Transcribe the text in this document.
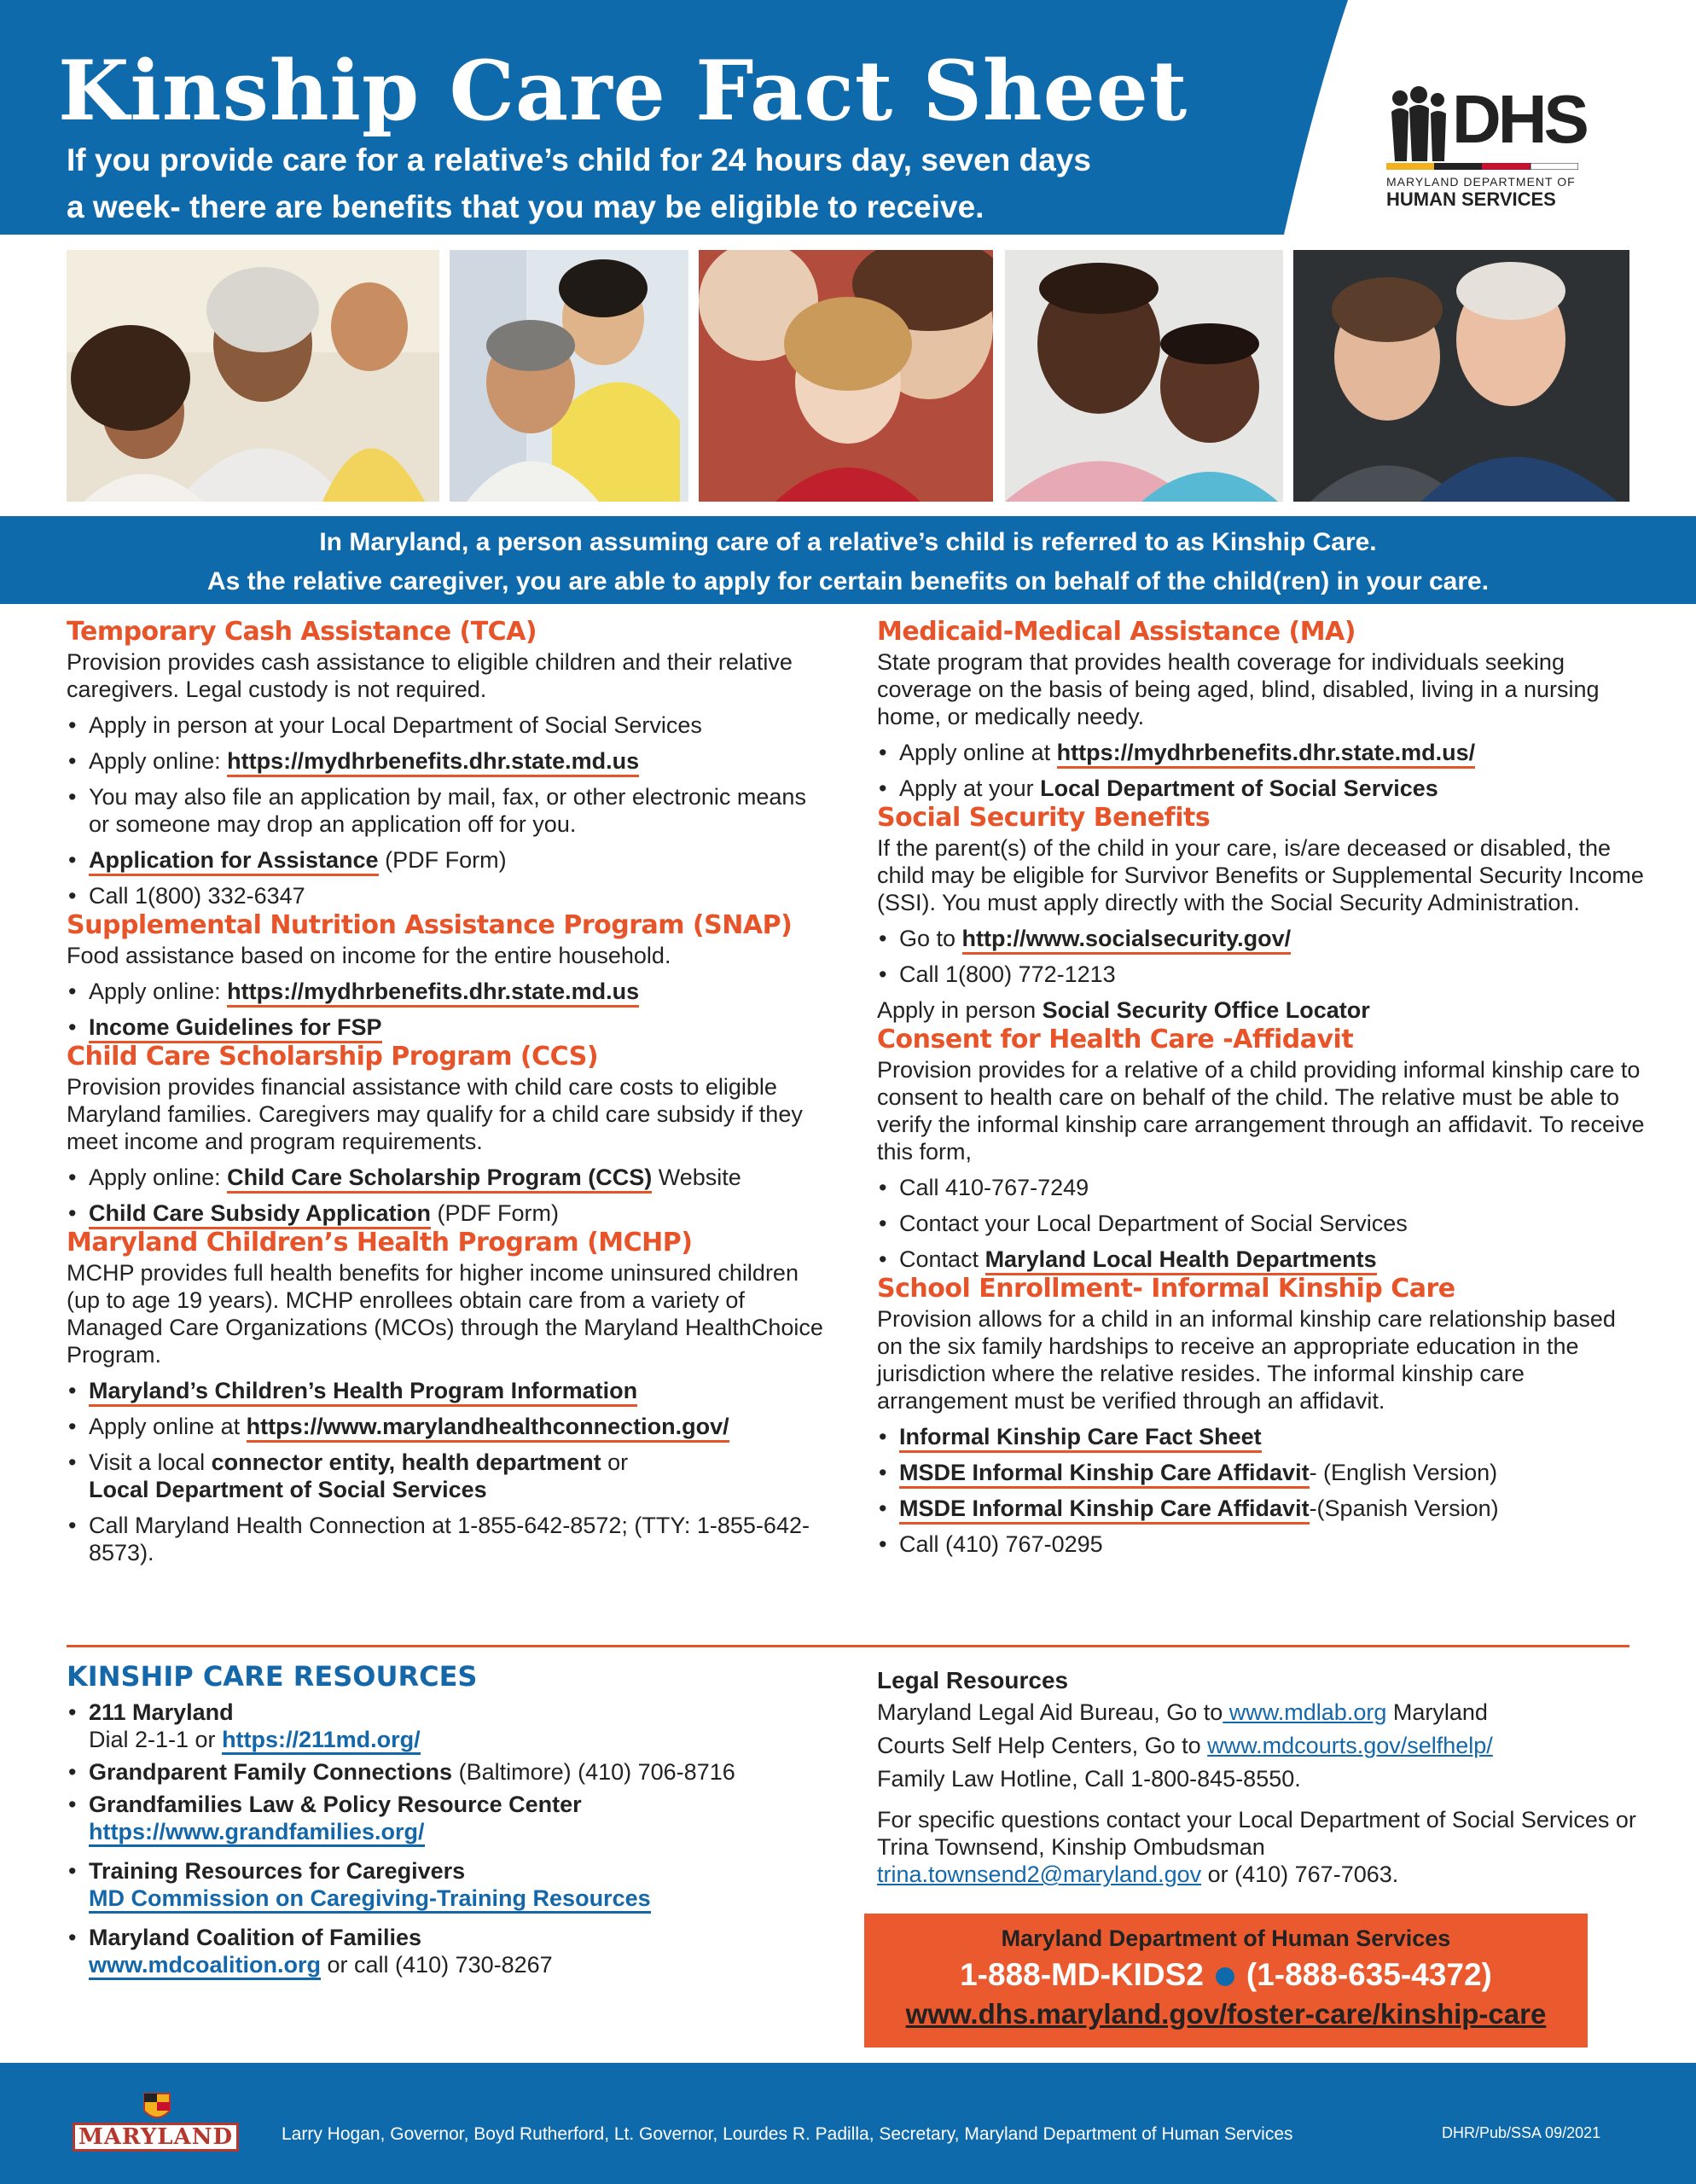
Kinship Care Fact Sheet
If you provide care for a relative’s child for 24 hours day, seven days
a week- there are benefits that you may be eligible to receive.
DHS
MARYLAND DEPARTMENT OF
HUMAN SERVICES
In Maryland, a person assuming care of a relative’s child is referred to as Kinship Care.
As the relative caregiver, you are able to apply for certain benefits on behalf of the child(ren) in your care.
Temporary Cash Assistance (TCA)
Provision provides cash assistance to eligible children and their relative caregivers. Legal custody is not required.
• Apply in person at your Local Department of Social Services
• Apply online: https://mydhrbenefits.dhr.state.md.us
• You may also file an application by mail, fax, or other electronic means or someone may drop an application off for you.
• Application for Assistance (PDF Form)
• Call 1(800) 332-6347
Supplemental Nutrition Assistance Program (SNAP)
Food assistance based on income for the entire household.
• Apply online: https://mydhrbenefits.dhr.state.md.us
• Income Guidelines for FSP
Child Care Scholarship Program (CCS)
Provision provides financial assistance with child care costs to eligible Maryland families. Caregivers may qualify for a child care subsidy if they meet income and program requirements.
• Apply online: Child Care Scholarship Program (CCS) Website
• Child Care Subsidy Application (PDF Form)
Maryland Children’s Health Program (MCHP)
MCHP provides full health benefits for higher income uninsured children (up to age 19 years). MCHP enrollees obtain care from a variety of Managed Care Organizations (MCOs) through the Maryland HealthChoice Program.
• Maryland’s Children’s Health Program Information
• Apply online at https://www.marylandhealthconnection.gov/
• Visit a local connector entity, health department or
Local Department of Social Services
• Call Maryland Health Connection at 1-855-642-8572; (TTY: 1-855-642-8573).
Medicaid-Medical Assistance (MA)
State program that provides health coverage for individuals seeking coverage on the basis of being aged, blind, disabled, living in a nursing home, or medically needy.
• Apply online at https://mydhrbenefits.dhr.state.md.us/
• Apply at your Local Department of Social Services
Social Security Benefits
If the parent(s) of the child in your care, is/are deceased or disabled, the child may be eligible for Survivor Benefits or Supplemental Security Income (SSI). You must apply directly with the Social Security Administration.
• Go to http://www.socialsecurity.gov/
• Call 1(800) 772-1213
Apply in person Social Security Office Locator
Consent for Health Care -Affidavit
Provision provides for a relative of a child providing informal kinship care to consent to health care on behalf of the child. The relative must be able to verify the informal kinship care arrangement through an affidavit. To receive this form,
• Call 410-767-7249
• Contact your Local Department of Social Services
• Contact Maryland Local Health Departments
School Enrollment- Informal Kinship Care
Provision allows for a child in an informal kinship care relationship based on the six family hardships to receive an appropriate education in the jurisdiction where the relative resides. The informal kinship care arrangement must be verified through an affidavit.
• Informal Kinship Care Fact Sheet
• MSDE Informal Kinship Care Affidavit- (English Version)
• MSDE Informal Kinship Care Affidavit-(Spanish Version)
• Call (410) 767-0295
KINSHIP CARE RESOURCES
• 211 Maryland
Dial 2-1-1 or https://211md.org/
• Grandparent Family Connections (Baltimore) (410) 706-8716
• Grandfamilies Law & Policy Resource Center
https://www.grandfamilies.org/
• Training Resources for Caregivers
MD Commission on Caregiving-Training Resources
• Maryland Coalition of Families
www.mdcoalition.org or call (410) 730-8267
Legal Resources
Maryland Legal Aid Bureau, Go to www.mdlab.org Maryland
Courts Self Help Centers, Go to www.mdcourts.gov/selfhelp/
Family Law Hotline, Call 1-800-845-8550.
For specific questions contact your Local Department of Social Services or Trina Townsend, Kinship Ombudsman
trina.townsend2@maryland.gov or (410) 767-7063.
Maryland Department of Human Services
1-888-MD-KIDS2 (1-888-635-4372)
www.dhs.maryland.gov/foster-care/kinship-care
MARYLAND	Larry Hogan, Governor, Boyd Rutherford, Lt. Governor, Lourdes R. Padilla, Secretary, Maryland Department of Human Services	DHR/Pub/SSA 09/2021
